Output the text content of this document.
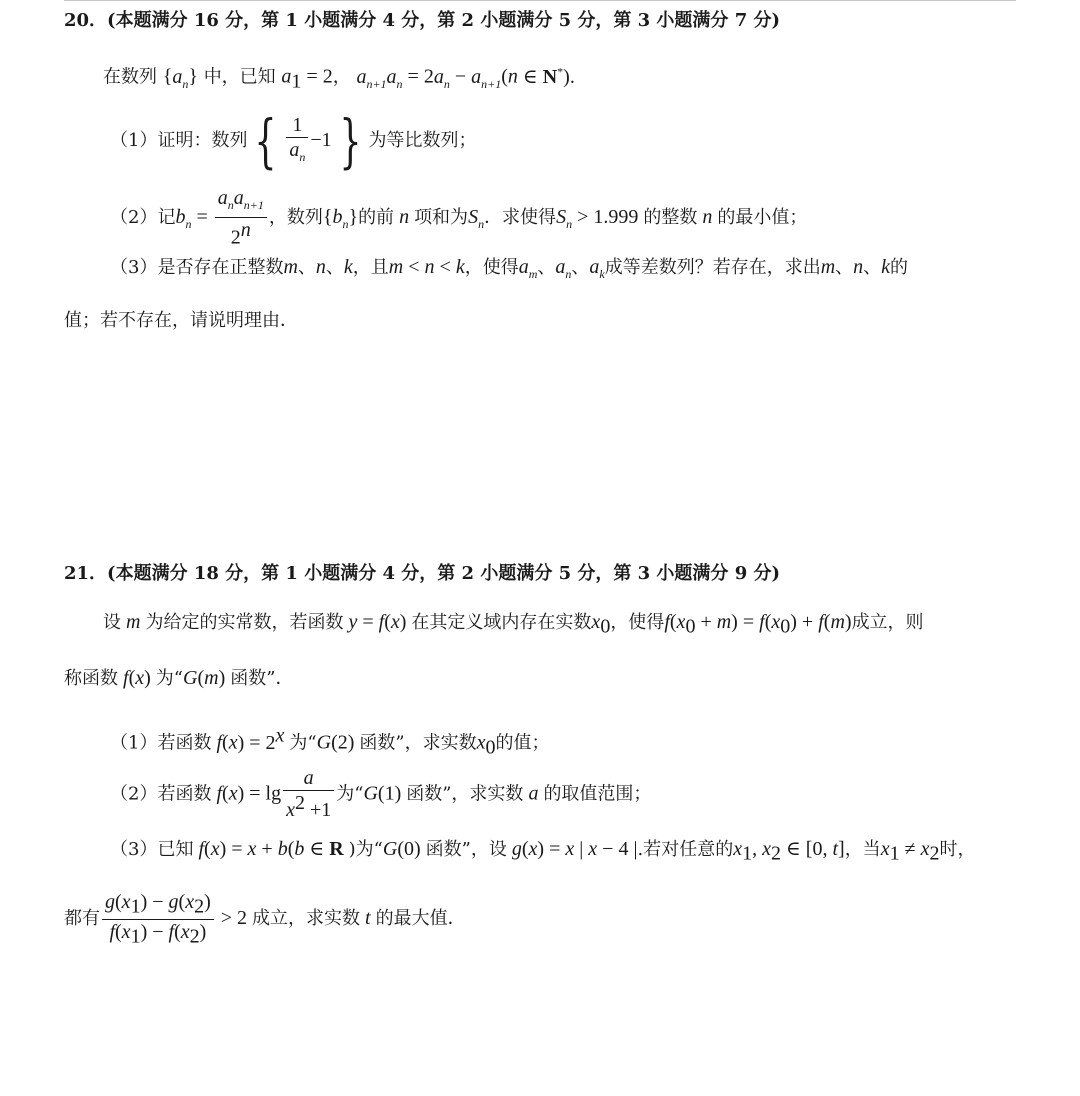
20．(本题满分 16 分，第 1 小题满分 4 分，第 2 小题满分 5 分，第 3 小题满分 7 分)
在数列 $\{a_n\}$ 中，已知 $a_1 = 2$， $a_{n+1}a_n = 2a_n - a_{n+1}(n$ ∈ N*).
（1）证明：数列 { $\frac{1}{a_n} -1$ } 为等比数列；
（2）记$b_n = \frac{a_na_{n+1}}{2^n}$ ，数列$\{b_n\}$的前 n 项和为$S_n$．求使得$S_n > 1.999$ 的整数 n 的最小值；
（3）是否存在正整数m、n、k，且m < n < k，使得$a_m$、$a_n$、$a_k$成等差数列？若存在，求出m、n、k的
值；若不存在，请说明理由．
21．(本题满分 18 分，第 1 小题满分 4 分，第 2 小题满分 5 分，第 3 小题满分 9 分)
设 m 为给定的实常数，若函数 y = f(x) 在其定义域内存在实数$x_0$，使得$f(x_0 + m) = f(x_0) + f(m)$成立，则
称函数 f(x) 为“G(m) 函数”．
（1）若函数 $f(x) = 2^x$ 为“G(2) 函数”，求实数$x_0$的值；
（2）若函数 $f(x) = \lg \frac{a}{x^2 +1}$ 为“G(1) 函数”，求实数 a 的取值范围；
（3）已知 f(x) = x + b(b ∈ R )为“G(0) 函数”，设 g(x) = x | x − 4 |.若对任意的$x_1$, $x_2$ ∈ [0, t]，当$x_1 \ne x_2$时，
都有 $\frac{g(x_1) - g(x_2)}{f(x_1) - f(x_2)} > 2$ 成立，求实数 t 的最大值．
